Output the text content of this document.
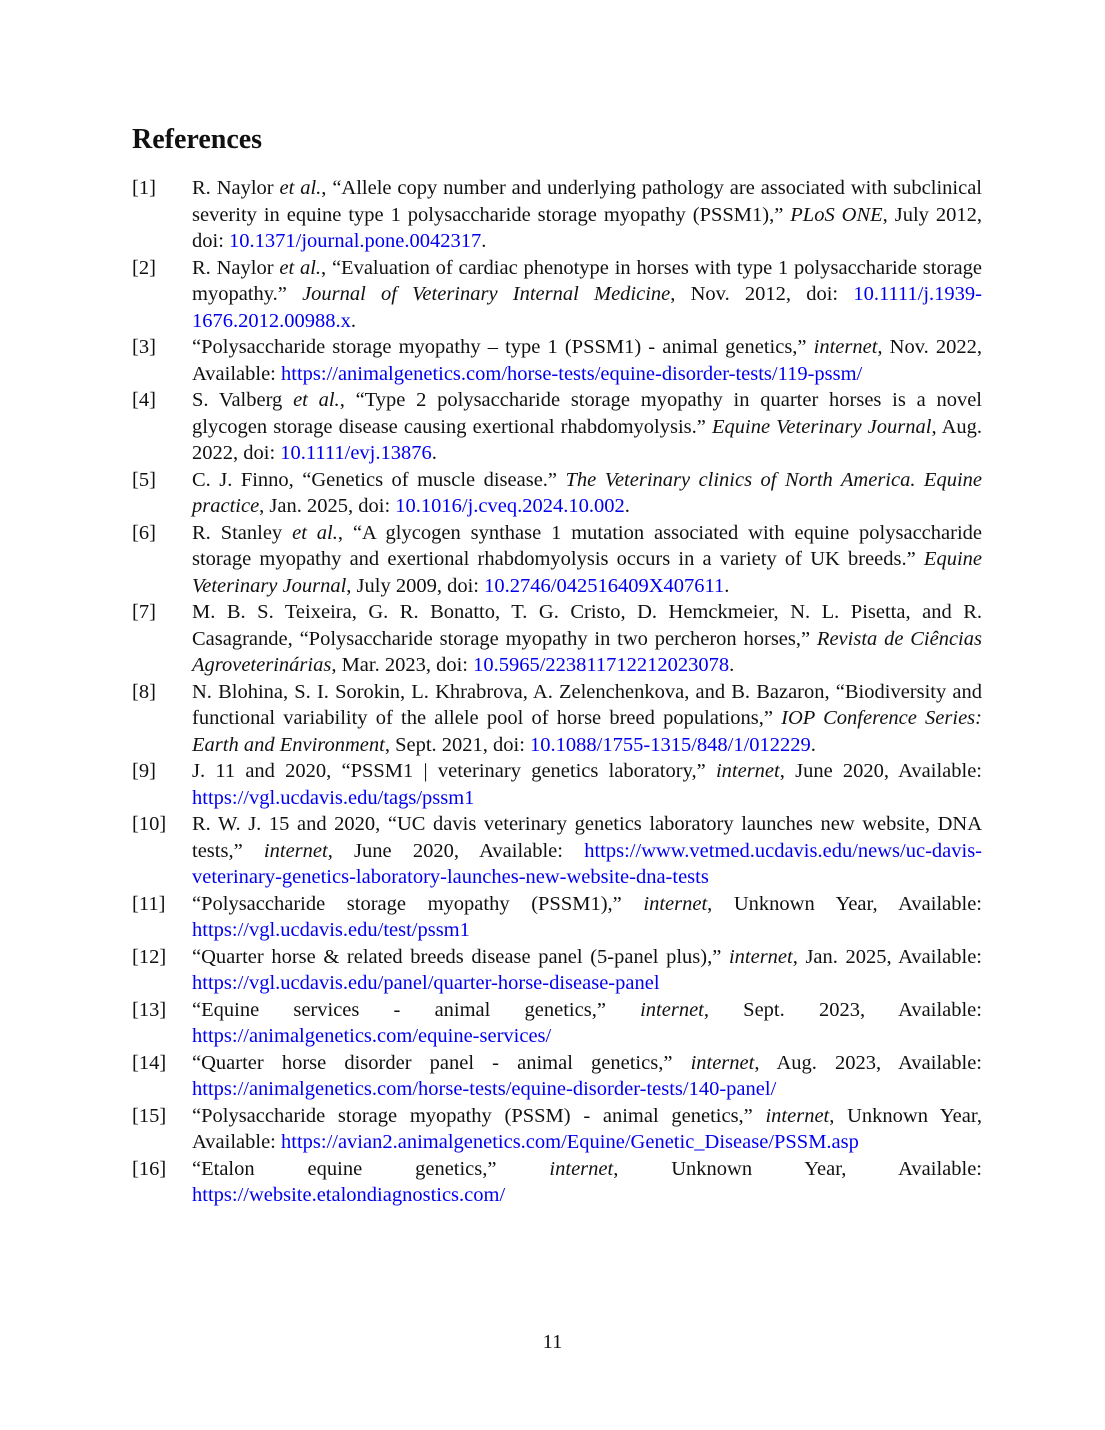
References
[1] R. Naylor et al., “Allele copy number and underlying pathology are associated with subclinical severity in equine type 1 polysaccharide storage myopathy (PSSM1),” PLoS ONE, July 2012, doi: 10.1371/journal.pone.0042317.
[2] R. Naylor et al., “Evaluation of cardiac phenotype in horses with type 1 polysaccharide storage myopathy.” Journal of Veterinary Internal Medicine, Nov. 2012, doi: 10.1111/j.1939-1676.2012.00988.x.
[3] “Polysaccharide storage myopathy – type 1 (PSSM1) - animal genetics,” internet, Nov. 2022, Available: https://animalgenetics.com/horse-tests/equine-disorder-tests/119-pssm/
[4] S. Valberg et al., “Type 2 polysaccharide storage myopathy in quarter horses is a novel glycogen storage disease causing exertional rhabdomyolysis.” Equine Veterinary Journal, Aug. 2022, doi: 10.1111/evj.13876.
[5] C. J. Finno, “Genetics of muscle disease.” The Veterinary clinics of North America. Equine practice, Jan. 2025, doi: 10.1016/j.cveq.2024.10.002.
[6] R. Stanley et al., “A glycogen synthase 1 mutation associated with equine polysaccharide storage myopathy and exertional rhabdomyolysis occurs in a variety of UK breeds.” Equine Veterinary Journal, July 2009, doi: 10.2746/042516409X407611.
[7] M. B. S. Teixeira, G. R. Bonatto, T. G. Cristo, D. Hemckmeier, N. L. Pisetta, and R. Casagrande, “Polysaccharide storage myopathy in two percheron horses,” Revista de Ciências Agroveterinárias, Mar. 2023, doi: 10.5965/223811712212023078.
[8] N. Blohina, S. I. Sorokin, L. Khrabrova, A. Zelenchenkova, and B. Bazaron, “Biodiversity and functional variability of the allele pool of horse breed populations,” IOP Conference Series: Earth and Environment, Sept. 2021, doi: 10.1088/1755-1315/848/1/012229.
[9] J. 11 and 2020, “PSSM1 | veterinary genetics laboratory,” internet, June 2020, Available: https://vgl.ucdavis.edu/tags/pssm1
[10] R. W. J. 15 and 2020, “UC davis veterinary genetics laboratory launches new website, DNA tests,” internet, June 2020, Available: https://www.vetmed.ucdavis.edu/news/uc-davis-veterinary-genetics-laboratory-launches-new-website-dna-tests
[11] “Polysaccharide storage myopathy (PSSM1),” internet, Unknown Year, Available: https://vgl.ucdavis.edu/test/pssm1
[12] “Quarter horse & related breeds disease panel (5-panel plus),” internet, Jan. 2025, Available: https://vgl.ucdavis.edu/panel/quarter-horse-disease-panel
[13] “Equine services - animal genetics,” internet, Sept. 2023, Available: https://animalgenetics.com/equine-services/
[14] “Quarter horse disorder panel - animal genetics,” internet, Aug. 2023, Available: https://animalgenetics.com/horse-tests/equine-disorder-tests/140-panel/
[15] “Polysaccharide storage myopathy (PSSM) - animal genetics,” internet, Unknown Year, Available: https://avian2.animalgenetics.com/Equine/Genetic_Disease/PSSM.asp
[16] “Etalon equine genetics,” internet, Unknown Year, Available: https://website.etalondiagnostics.com/
11
